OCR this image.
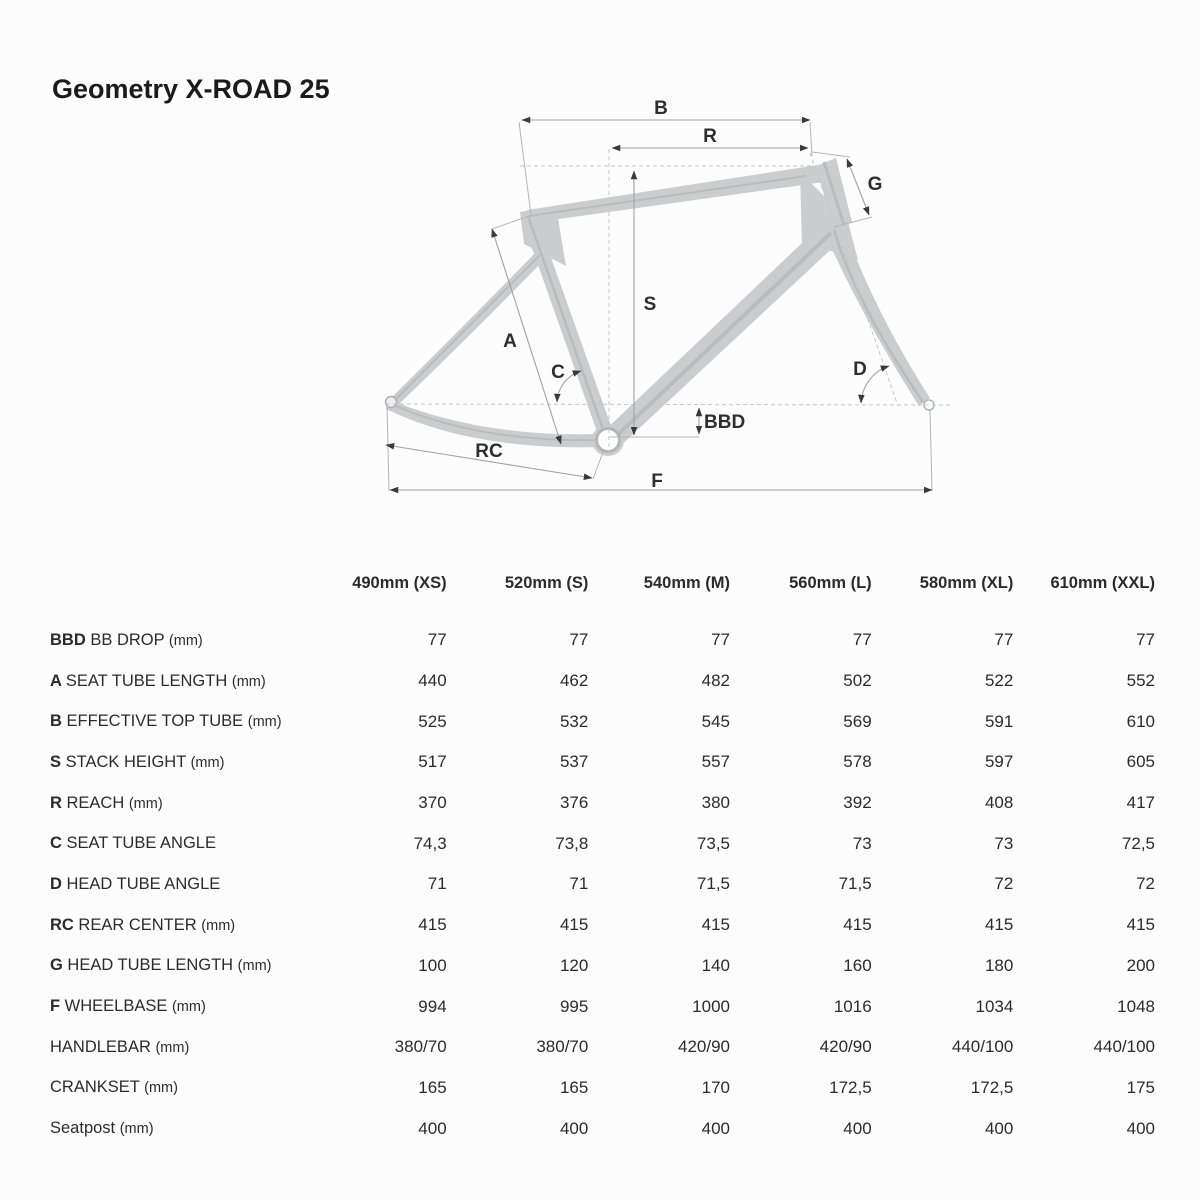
Geometry X-ROAD 25
B
R
G
S
A
C	D
BBD
RC
F
490mm (XS)	520mm (S)	540mm (M)	560mm (L)	580mm (XL)	610mm (XXL)
BBD BB DROP (mm)	77	77	77	77	77	77
A SEAT TUBE LENGTH (mm)	440	462	482	502	522	552
B EFFECTIVE TOP TUBE (mm)	525	532	545	569	591	610
S STACK HEIGHT (mm)	517	537	557	578	597	605
R REACH (mm)	370	376	380	392	408	417
C SEAT TUBE ANGLE	74,3	73,8	73,5	73	73	72,5
D HEAD TUBE ANGLE	71	71	71,5	71,5	72	72
RC REAR CENTER (mm)	415	415	415	415	415	415
G HEAD TUBE LENGTH (mm)	100	120	140	160	180	200
F WHEELBASE (mm)	994	995	1000	1016	1034	1048
HANDLEBAR (mm)	380/70	380/70	420/90	420/90	440/100	440/100
CRANKSET (mm)	165	165	170	172,5	172,5	175
Seatpost (mm)	400	400	400	400	400	400
